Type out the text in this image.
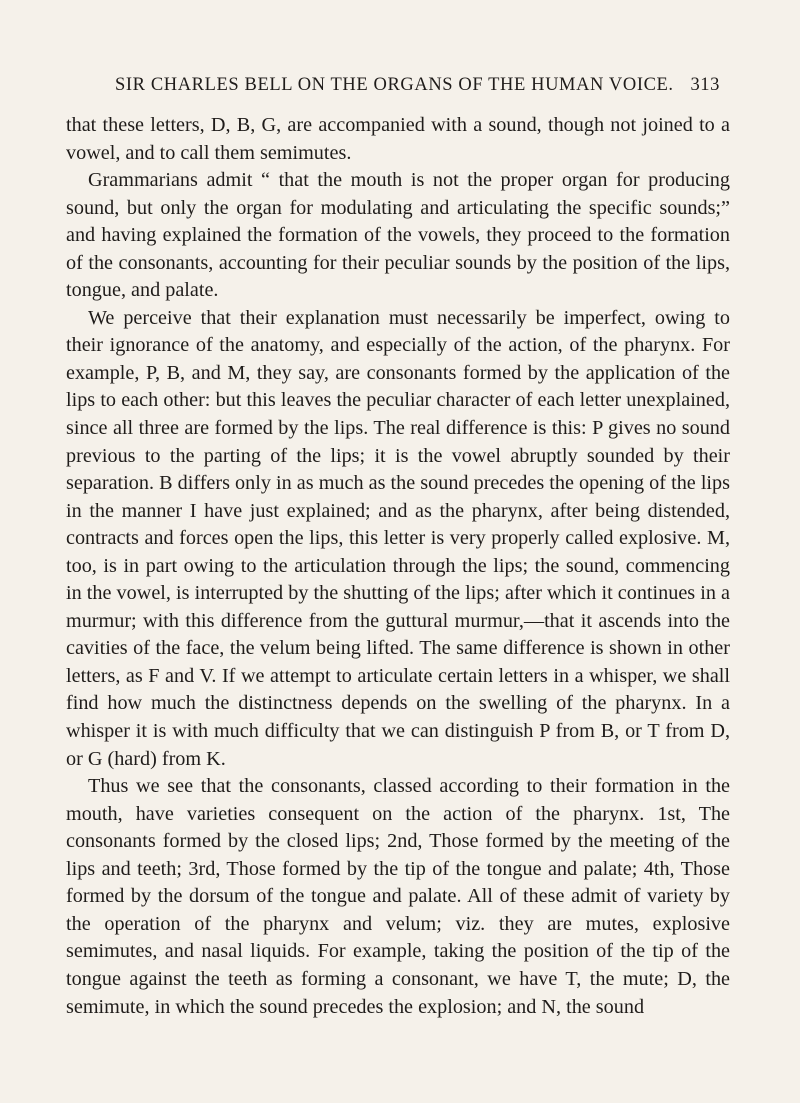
SIR CHARLES BELL ON THE ORGANS OF THE HUMAN VOICE. 313

that these letters, D, B, G, are accompanied with a sound, though not joined to a vowel, and to call them semimutes.

Grammarians admit “ that the mouth is not the proper organ for producing sound, but only the organ for modulating and articulating the specific sounds;” and having explained the formation of the vowels, they proceed to the formation of the consonants, accounting for their peculiar sounds by the position of the lips, tongue, and palate.

We perceive that their explanation must necessarily be imperfect, owing to their ignorance of the anatomy, and especially of the action, of the pharynx. For example, P, B, and M, they say, are consonants formed by the application of the lips to each other: but this leaves the peculiar character of each letter unexplained, since all three are formed by the lips. The real difference is this: P gives no sound previous to the parting of the lips; it is the vowel abruptly sounded by their separation. B differs only in as much as the sound precedes the opening of the lips in the manner I have just explained; and as the pharynx, after being distended, contracts and forces open the lips, this letter is very properly called explosive. M, too, is in part owing to the articulation through the lips; the sound, commencing in the vowel, is interrupted by the shutting of the lips; after which it continues in a murmur; with this difference from the guttural murmur,—that it ascends into the cavities of the face, the velum being lifted. The same difference is shown in other letters, as F and V. If we attempt to articulate certain letters in a whisper, we shall find how much the distinctness depends on the swelling of the pharynx. In a whisper it is with much difficulty that we can distinguish P from B, or T from D, or G (hard) from K.

Thus we see that the consonants, classed according to their formation in the mouth, have varieties consequent on the action of the pharynx. 1st, The consonants formed by the closed lips; 2nd, Those formed by the meeting of the lips and teeth; 3rd, Those formed by the tip of the tongue and palate; 4th, Those formed by the dorsum of the tongue and palate. All of these admit of variety by the operation of the pharynx and velum; viz. they are mutes, explosive semimutes, and nasal liquids. For example, taking the position of the tip of the tongue against the teeth as forming a consonant, we have T, the mute; D, the semimute, in which the sound precedes the explosion; and N, the sound
